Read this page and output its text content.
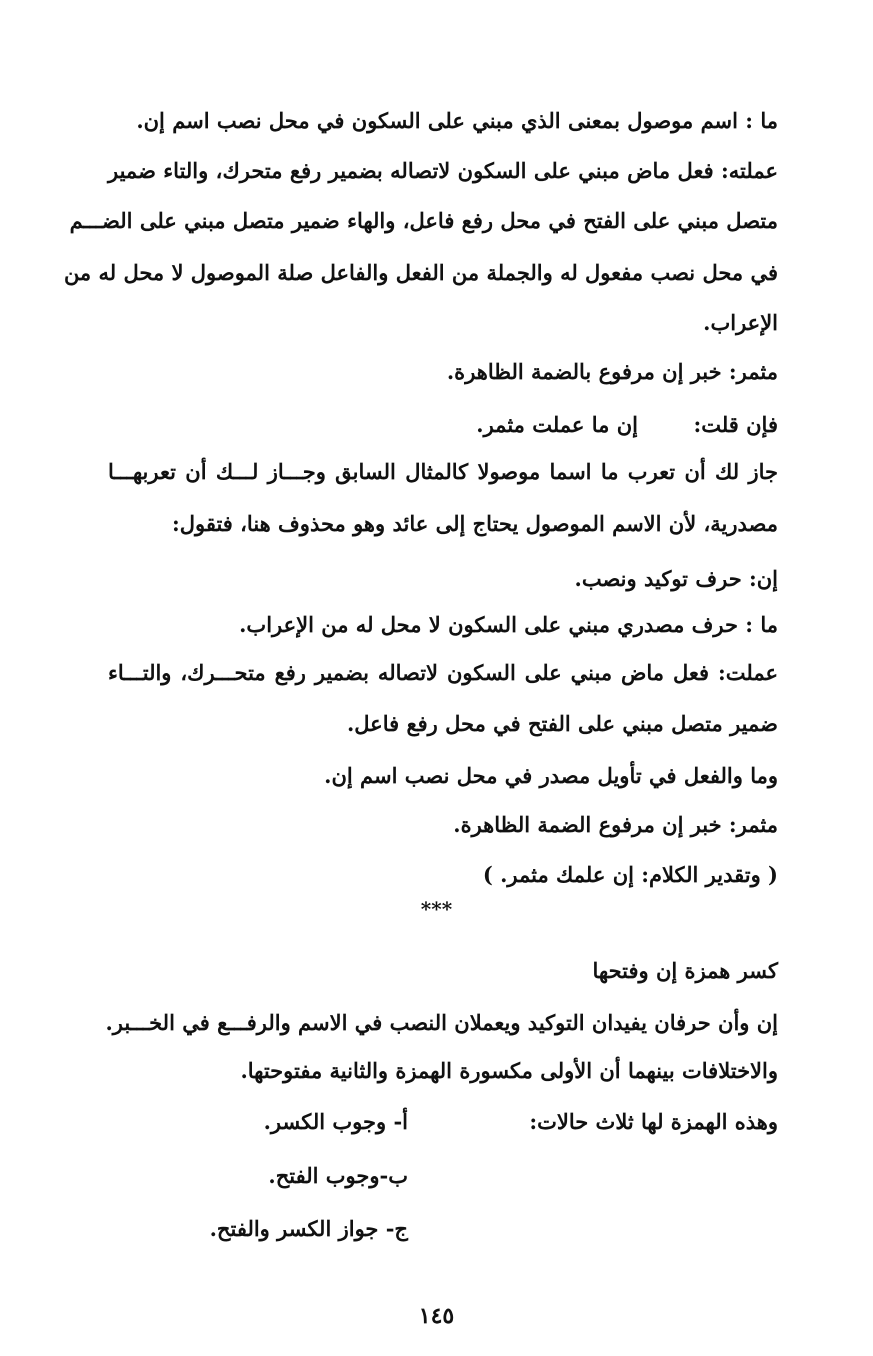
ما : اسم موصول بمعنى الذي مبني على السكون في محل نصب اسم إن.
عملته: فعل ماض مبني على السكون لاتصاله بضمير رفع متحرك، والتاء ضمير
متصل مبني على الفتح في محل رفع فاعل، والهاء ضمير متصل مبني على الضـــم
في محل نصب مفعول له والجملة من الفعل والفاعل صلة الموصول لا محل له من
الإعراب.
مثمر: خبر إن مرفوع بالضمة الظاهرة.
فإن قلت:
إن ما عملت مثمر.
جاز لك أن تعرب ما اسما موصولا كالمثال السابق وجـــاز لـــك أن تعربهـــا
مصدرية، لأن الاسم الموصول يحتاج إلى عائد وهو محذوف هنا، فتقول:
إن: حرف توكيد ونصب.
ما : حرف مصدري مبني على السكون لا محل له من الإعراب.
عملت: فعل ماض مبني على السكون لاتصاله بضمير رفع متحـــرك، والتـــاء
ضمير متصل مبني على الفتح في محل رفع فاعل.
وما والفعل في تأويل مصدر في محل نصب اسم إن.
مثمر: خبر إن مرفوع الضمة الظاهرة.
( وتقدير الكلام: إن علمك مثمر. )
***
كسر همزة إن وفتحها
إن وأن حرفان يفيدان التوكيد ويعملان النصب في الاسم والرفـــع في الخـــبر.
والاختلافات بينهما أن الأولى مكسورة الهمزة والثانية مفتوحتها.
وهذه الهمزة لها ثلاث حالات:
أ- وجوب الكسر.
ب-وجوب الفتح.
ج- جواز الكسر والفتح.
١٤٥
